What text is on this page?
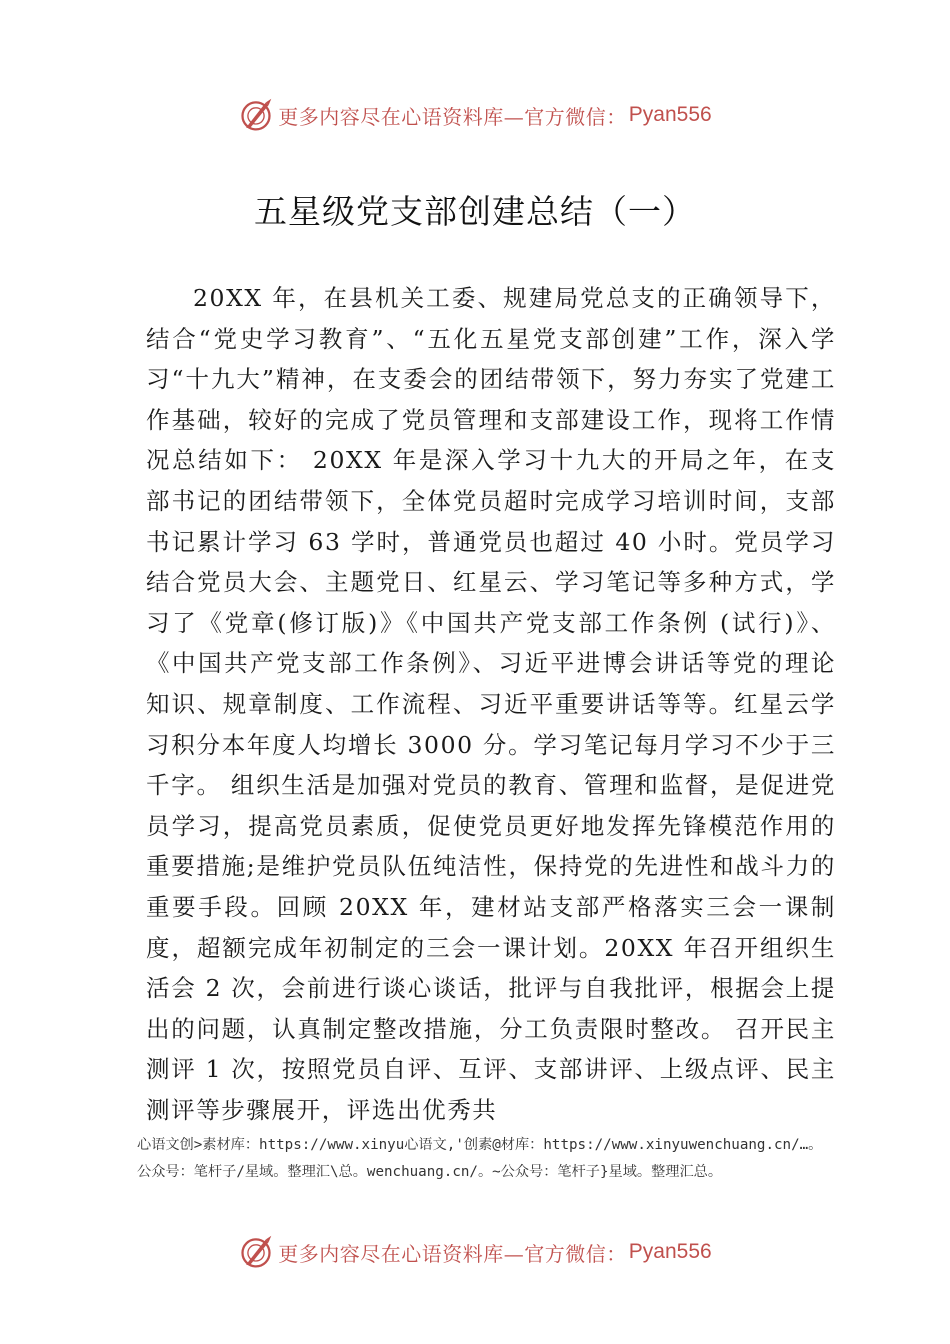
更多内容尽在心语资料库—官方微信： Pyan556
五星级党支部创建总结（一）

20XX 年，在县机关工委、规建局党总支的正确领导下，结合“党史学习教育”、“五化五星党支部创建”工作，深入学习“十九大”精神，在支委会的团结带领下，努力夯实了党建工作基础，较好的完成了党员管理和支部建设工作，现将工作情况总结如下： 20XX 年是深入学习十九大的开局之年，在支部书记的团结带领下，全体党员超时完成学习培训时间，支部书记累计学习 63 学时，普通党员也超过 40 小时。党员学习结合党员大会、主题党日、红星云、学习笔记等多种方式，学习了《党章(修订版)》《中国共产党支部工作条例 (试行)》、《中国共产党支部工作条例》、习近平进博会讲话等党的理论知识、规章制度、工作流程、习近平重要讲话等等。红星云学习积分本年度人均增长 3000 分。学习笔记每月学习不少于三千字。 组织生活是加强对党员的教育、管理和监督，是促进党员学习，提高党员素质，促使党员更好地发挥先锋模范作用的重要措施;是维护党员队伍纯洁性，保持党的先进性和战斗力的重要手段。回顾 20XX 年，建材站支部严格落实三会一课制度，超额完成年初制定的三会一课计划。20XX 年召开组织生活会 2 次，会前进行谈心谈话，批评与自我批评，根据会上提出的问题，认真制定整改措施，分工负责限时整改。 召开民主测评 1 次，按照党员自评、互评、支部讲评、上级点评、民主测评等步骤展开，评选出优秀共

心语文创>素材库：https://www.xinyu心语文,'创素@材库：https://www.xinyuwenchuang.cn/…。公众号：笔杆子/星域。整理汇\总。wenchuang.cn/。~公众号：笔杆子}星域。整理汇总。

更多内容尽在心语资料库—官方微信： Pyan556
